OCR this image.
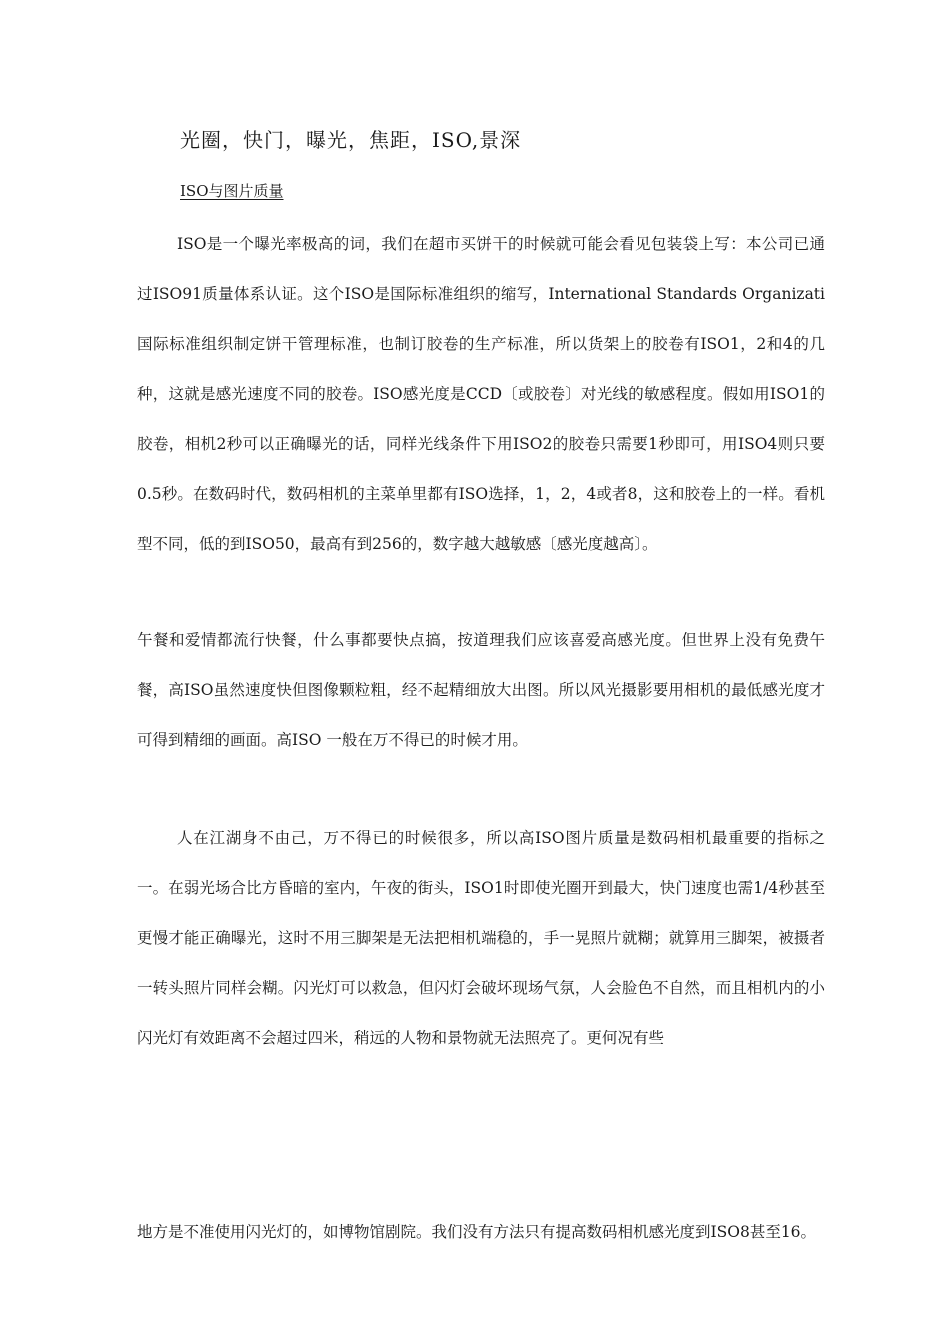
光圈，快门，曝光，焦距，ISO,景深
ISO与图片质量

ISO是一个曝光率极高的词，我们在超市买饼干的时候就可能会看见包装袋上写：本公司已通过ISO91质量体系认证。这个ISO是国际标准组织的缩写，International Standards Organizati国际标准组织制定饼干管理标准，也制订胶卷的生产标准，所以货架上的胶卷有ISO1，2和4的几种，这就是感光速度不同的胶卷。ISO感光度是CCD〔或胶卷〕对光线的敏感程度。假如用ISO1的胶卷，相机2秒可以正确曝光的话，同样光线条件下用ISO2的胶卷只需要1秒即可，用ISO4则只要0.5秒。在数码时代，数码相机的主菜单里都有ISO选择，1，2，4或者8，这和胶卷上的一样。看机型不同，低的到ISO50，最高有到256的，数字越大越敏感〔感光度越高〕。

午餐和爱情都流行快餐，什么事都要快点搞，按道理我们应该喜爱高感光度。但世界上没有免费午餐，高ISO虽然速度快但图像颗粒粗，经不起精细放大出图。所以风光摄影要用相机的最低感光度才可得到精细的画面。高ISO 一般在万不得已的时候才用。

人在江湖身不由己，万不得已的时候很多，所以高ISO图片质量是数码相机最重要的指标之一。在弱光场合比方昏暗的室内，午夜的街头，ISO1时即使光圈开到最大，快门速度也需1/4秒甚至更慢才能正确曝光，这时不用三脚架是无法把相机端稳的，手一晃照片就糊；就算用三脚架，被摄者一转头照片同样会糊。闪光灯可以救急，但闪灯会破坏现场气氛，人会脸色不自然，而且相机内的小闪光灯有效距离不会超过四米，稍远的人物和景物就无法照亮了。更何况有些

地方是不准使用闪光灯的，如博物馆剧院。我们没有方法只有提高数码相机感光度到ISO8甚至16。
